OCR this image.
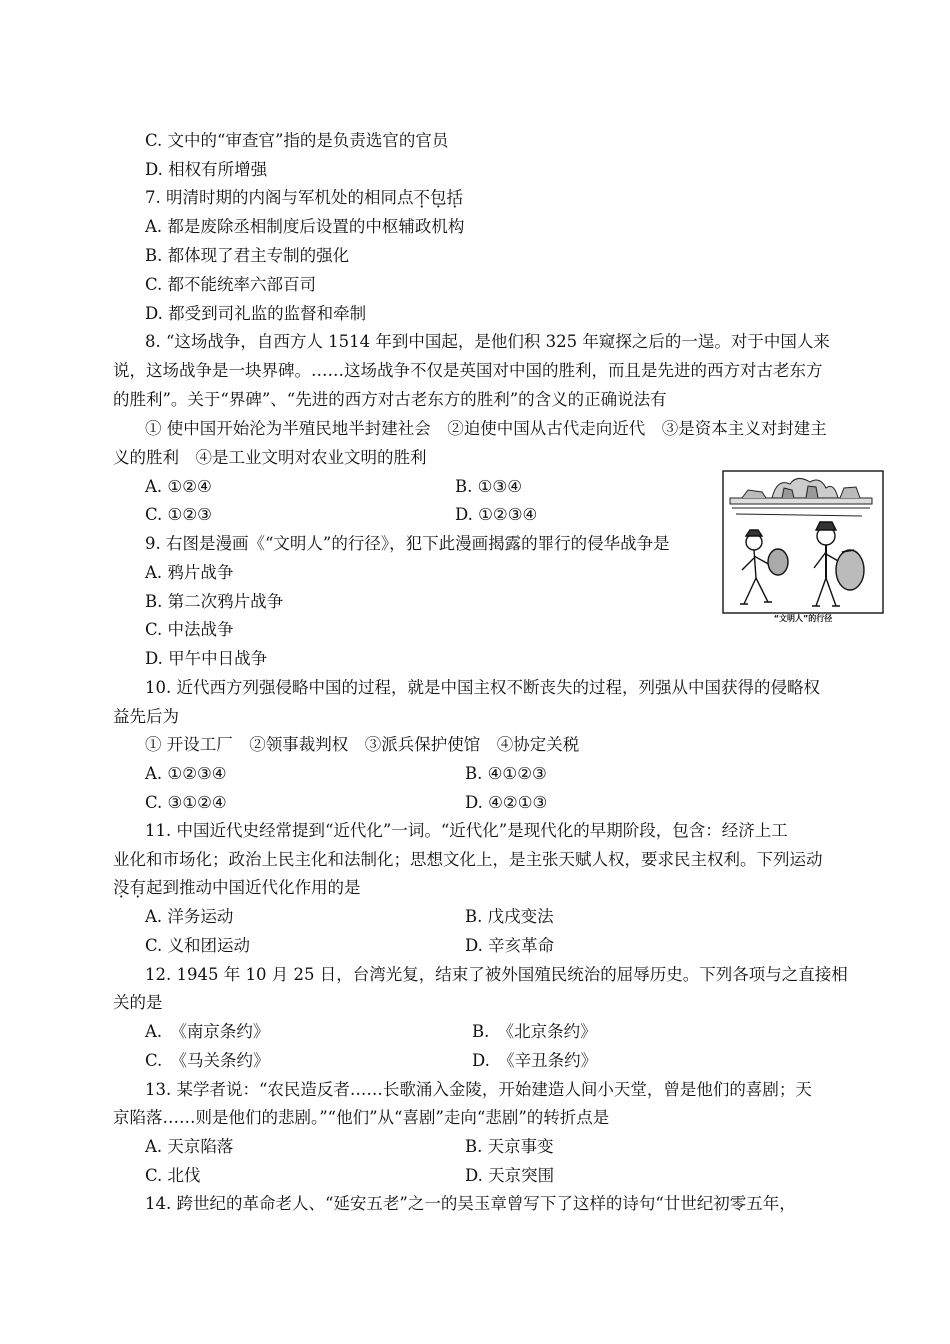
C. 文中的“审查官”指的是负责选官的官员
D. 相权有所增强
7. 明清时期的内阁与军机处的相同点不包括
A. 都是废除丞相制度后设置的中枢辅政机构
B. 都体现了君主专制的强化
C. 都不能统率六部百司
D. 都受到司礼监的监督和牵制
8. “这场战争，自西方人 1514 年到中国起，是他们积 325 年窥探之后的一逞。对于中国人来
说，这场战争是一块界碑。……这场战争不仅是英国对中国的胜利，而且是先进的西方对古老东方
的胜利”。关于“界碑”、“先进的西方对古老东方的胜利”的含义的正确说法有
① 使中国开始沦为半殖民地半封建社会　②迫使中国从古代走向近代　③是资本主义对封建主
义的胜利　④是工业文明对农业文明的胜利
A. ①②④	B. ①③④
C. ①②③	D. ①②③④
9. 右图是漫画《“文明人”的行径》，犯下此漫画揭露的罪行的侵华战争是
A. 鸦片战争
B. 第二次鸦片战争
C. 中法战争
D. 甲午中日战争
“文明人”的行径
10. 近代西方列强侵略中国的过程，就是中国主权不断丧失的过程，列强从中国获得的侵略权
益先后为
① 开设工厂　②领事裁判权　③派兵保护使馆　④协定关税
A. ①②③④	B. ④①②③
C. ③①②④	D. ④②①③
11. 中国近代史经常提到“近代化”一词。“近代化”是现代化的早期阶段，包含：经济上工
业化和市场化；政治上民主化和法制化；思想文化上，是主张天赋人权，要求民主权利。下列运动
没有起到推动中国近代化作用的是
A. 洋务运动	B. 戊戌变法
C. 义和团运动	D. 辛亥革命
12. 1945 年 10 月 25 日，台湾光复，结束了被外国殖民统治的屈辱历史。下列各项与之直接相
关的是
A.　《南京条约》	B.　《北京条约》
C.　《马关条约》	D.　《辛丑条约》
13. 某学者说：“农民造反者……长歌涌入金陵，开始建造人间小天堂，曾是他们的喜剧；天
京陷落……则是他们的悲剧。”“他们”从“喜剧”走向“悲剧”的转折点是
A. 天京陷落	B. 天京事变
C. 北伐	D. 天京突围
14. 跨世纪的革命老人、“延安五老”之一的吴玉章曾写下了这样的诗句“廿世纪初零五年，
